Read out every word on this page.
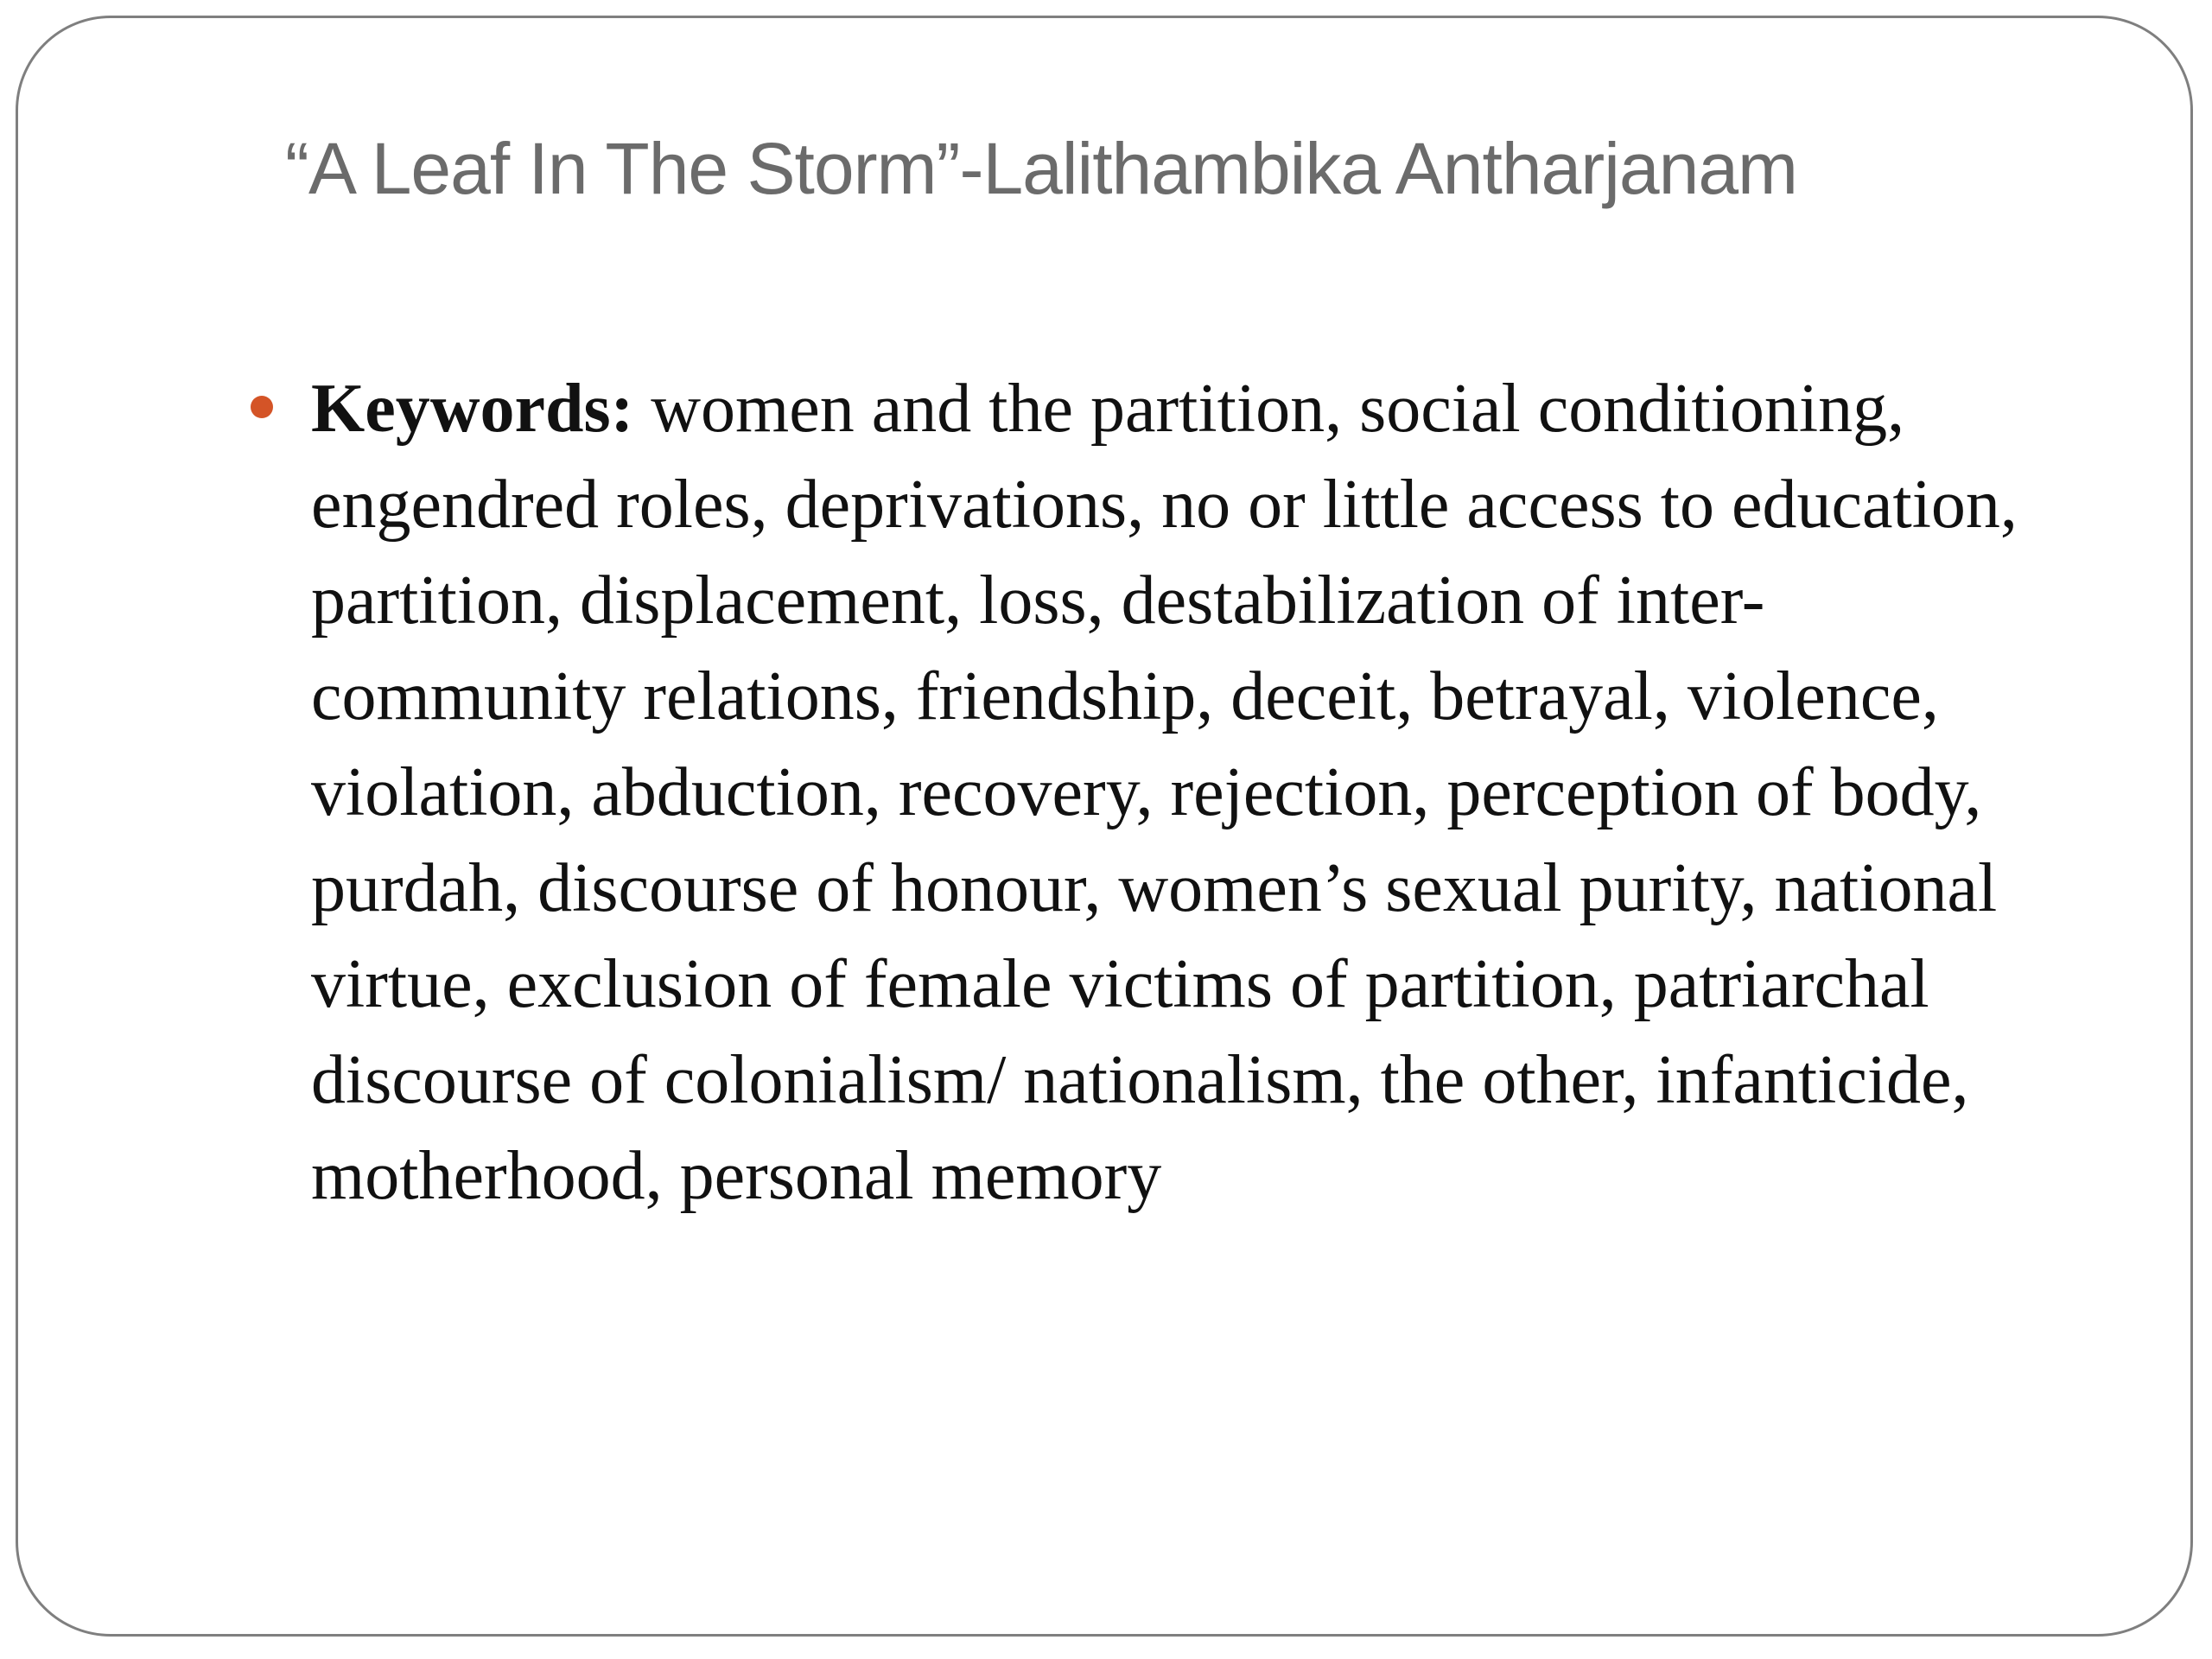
“A Leaf In The Storm”-Lalithambika Antharjanam
Keywords: women and the partition, social conditioning, engendred roles, deprivations, no or little access to education, partition, displacement, loss, destabilization of inter-community relations, friendship, deceit, betrayal, violence, violation, abduction, recovery, rejection, perception of body, purdah, discourse of honour, women’s sexual purity, national virtue, exclusion of female victims of partition, patriarchal discourse of colonialism/ nationalism, the other, infanticide, motherhood, personal memory
